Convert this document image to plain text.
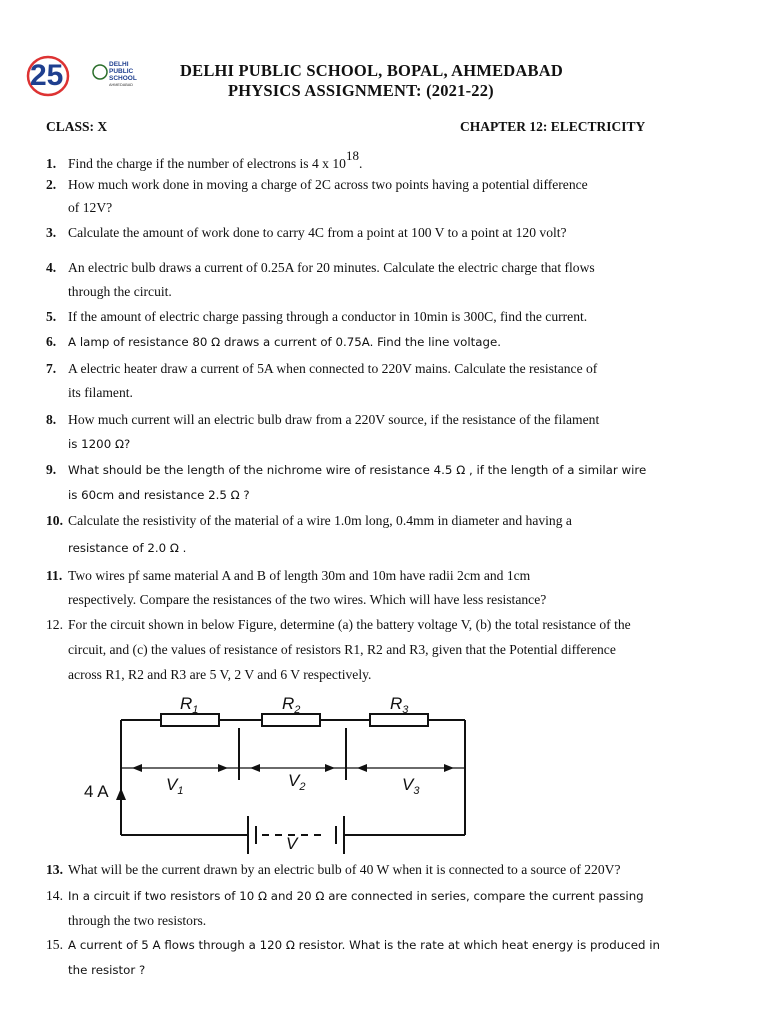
25	DELHI
PUBLIC
SCHOOL
AHMEDABAD
DELHI PUBLIC SCHOOL, BOPAL, AHMEDABAD
PHYSICS ASSIGNMENT: (2021-22)
CLASS: X	CHAPTER 12: ELECTRICITY
1. Find the charge if the number of electrons is 4 x 1018.
2. How much work done in moving a charge of 2C across two points having a potential difference
of 12V?
3. Calculate the amount of work done to carry 4C from a point at 100 V to a point at 120 volt?
4. An electric bulb draws a current of 0.25A for 20 minutes. Calculate the electric charge that flows
through the circuit.
5. If the amount of electric charge passing through a conductor in 10min is 300C, find the current.
6. A lamp of resistance 80 Ω draws a current of 0.75A. Find the line voltage.
7. A electric heater draw a current of 5A when connected to 220V mains. Calculate the resistance of
its filament.
8. How much current will an electric bulb draw from a 220V source, if the resistance of the filament
is 1200 Ω?
9. What should be the length of the nichrome wire of resistance 4.5 Ω , if the length of a similar wire
is 60cm and resistance 2.5 Ω ?
10. Calculate the resistivity of the material of a wire 1.0m long, 0.4mm in diameter and having a
resistance of 2.0 Ω .
11. Two wires pf same material A and B of length 30m and 10m have radii 2cm and 1cm
respectively. Compare the resistances of the two wires. Which will have less resistance?
12. For the circuit shown in below Figure, determine (a) the battery voltage V, (b) the total resistance of the
circuit, and (c) the values of resistance of resistors R1, R2 and R3, given that the Potential difference
across R1, R2 and R3 are 5 V, 2 V and 6 V respectively.
$R_1$	$R_2$	$R_3$
$V_1$
$V_2$	$V_3$
4 A
V
13. What will be the current drawn by an electric bulb of 40 W when it is connected to a source of 220V?
14. In a circuit if two resistors of 10 Ω and 20 Ω are connected in series, compare the current passing
through the two resistors.
15. A current of 5 A flows through a 120 Ω resistor. What is the rate at which heat energy is produced in
the resistor ?
